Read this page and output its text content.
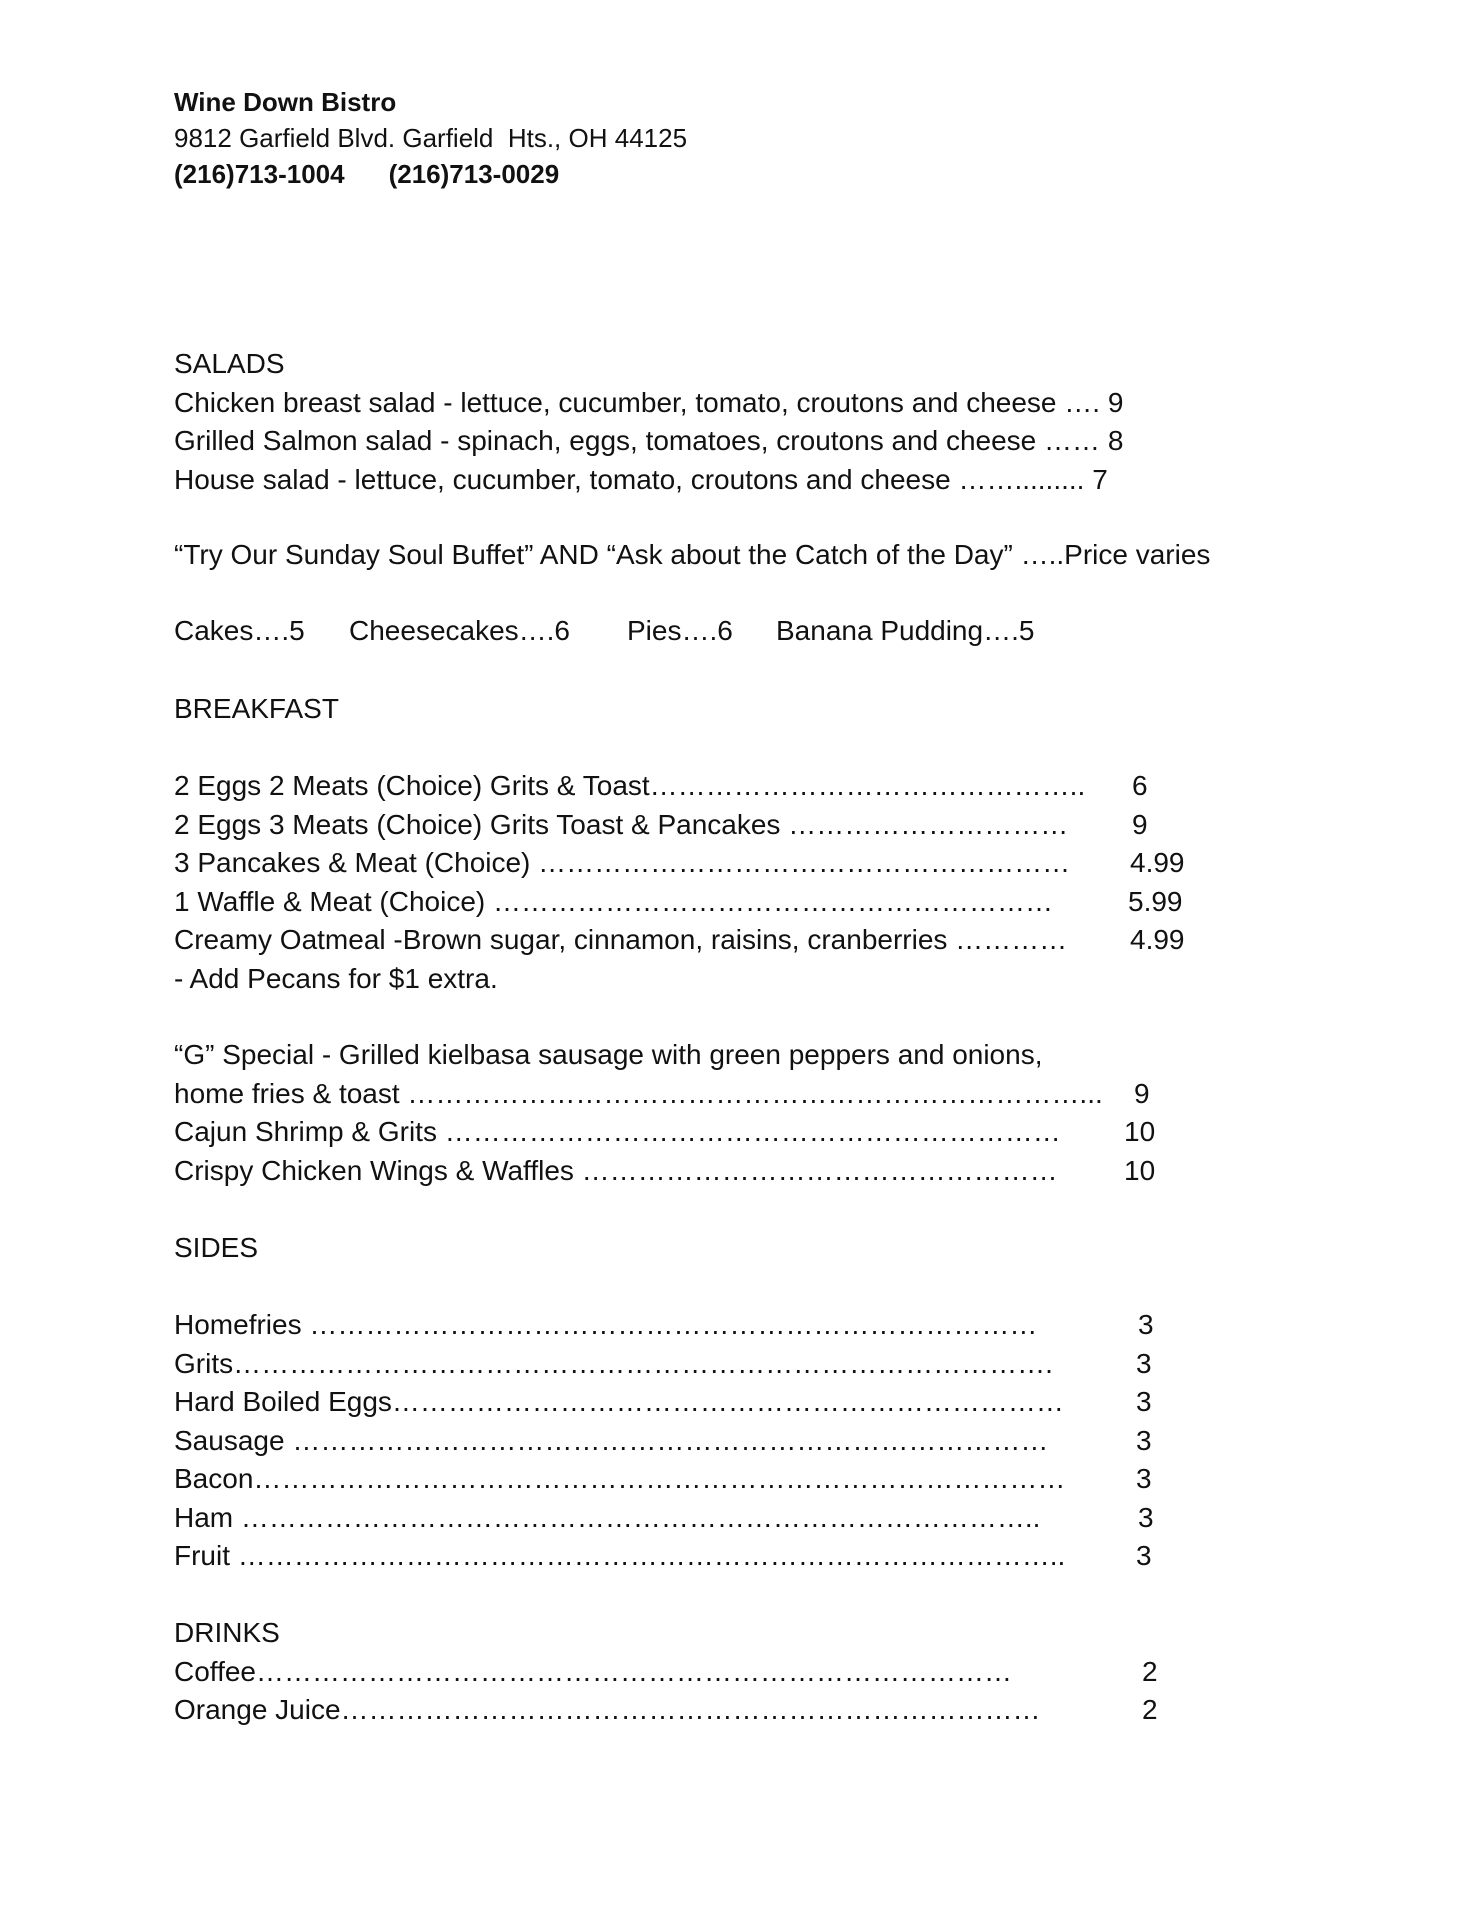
Wine Down Bistro
9812 Garfield Blvd. Garfield  Hts., OH 44125
(216)713-1004 (216)713-0029
SALADS
Chicken breast salad - lettuce, cucumber, tomato, croutons and cheese …. 9
Grilled Salmon salad - spinach, eggs, tomatoes, croutons and cheese …… 8
House salad - lettuce, cucumber, tomato, croutons and cheese ……......... 7
“Try Our Sunday Soul Buffet” AND “Ask about the Catch of the Day” …..Price varies
Cakes….5 Cheesecakes….6 Pies….6 Banana Pudding….5
BREAKFAST
2 Eggs 2 Meats (Choice) Grits & Toast……………………………………….. 6
2 Eggs 3 Meats (Choice) Grits Toast & Pancakes ………………………… 9
3 Pancakes & Meat (Choice) ………………………………………………… 4.99
1 Waffle & Meat (Choice) ……………………………………………………	5.99
Creamy Oatmeal -Brown sugar, cinnamon, raisins, cranberries ………… 4.99
- Add Pecans for $1 extra.
“G” Special - Grilled kielbasa sausage with green peppers and onions,
home fries & toast ………………………………………………………………... 9
Cajun Shrimp & Grits ………………………………………………………… 10
Crispy Chicken Wings & Waffles …………………………………………… 10
SIDES
Homefries ……………………………………………………………………	3
Grits…………………………………………………………………………….	3
Hard Boiled Eggs………………………………………………………………	3
Sausage ………………………………………………………………………	3
Bacon……………………………………………………………………………	3
Ham …………………………………………………………………………..	3
Fruit ……………………………………………………………………………..	3
DRINKS
Coffee………………………………………………………………………	2
Orange Juice…………………………………………………………………	2
